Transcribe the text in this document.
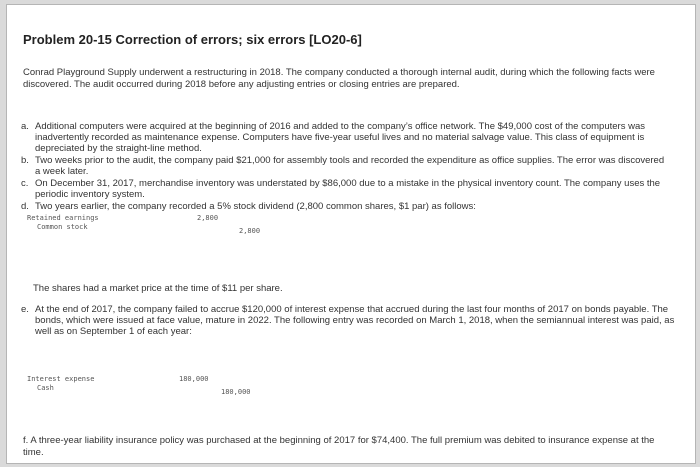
Problem 20-15 Correction of errors; six errors [LO20-6]
Conrad Playground Supply underwent a restructuring in 2018. The company conducted a thorough internal audit, during which the following facts were discovered. The audit occurred during 2018 before any adjusting entries or closing entries are prepared.
a. Additional computers were acquired at the beginning of 2016 and added to the company’s office network. The $49,000 cost of the computers was inadvertently recorded as maintenance expense. Computers have five-year useful lives and no material salvage value. This class of equipment is depreciated by the straight-line method.
b. Two weeks prior to the audit, the company paid $21,000 for assembly tools and recorded the expenditure as office supplies. The error was discovered a week later.
c. On December 31, 2017, merchandise inventory was understated by $86,000 due to a mistake in the physical inventory count. The company uses the periodic inventory system.
d. Two years earlier, the company recorded a 5% stock dividend (2,800 common shares, $1 par) as follows:
Retained earnings	2,800
Common stock	2,800
The shares had a market price at the time of $11 per share.
e. At the end of 2017, the company failed to accrue $120,000 of interest expense that accrued during the last four months of 2017 on bonds payable. The bonds, which were issued at face value, mature in 2022. The following entry was recorded on March 1, 2018, when the semiannual interest was paid, as well as on September 1 of each year:
Interest expense	180,000
Cash	180,000
f. A three-year liability insurance policy was purchased at the beginning of 2017 for $74,400. The full premium was debited to insurance expense at the time.
